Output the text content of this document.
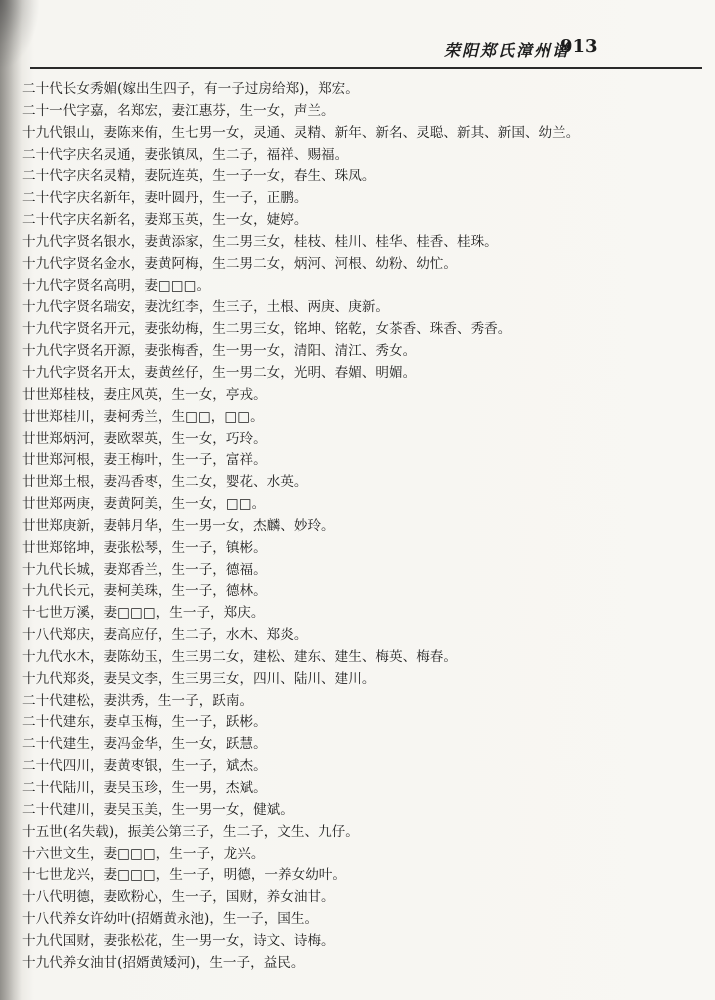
荣阳郑氏漳州谱
913
二十代长女秀媚(嫁出生四子，有一子过房给郑)，郑宏。
二十一代字嘉，名郑宏，妻江惠芬，生一女，声兰。
十九代银山，妻陈来侑，生七男一女，灵通、灵精、新年、新名、灵聪、新其、新国、幼兰。
二十代字庆名灵通，妻张镇凤，生二子，福祥、赐福。
二十代字庆名灵精，妻阮连英，生一子一女，春生、珠凤。
二十代字庆名新年，妻叶圆丹，生一子，正鹏。
二十代字庆名新名，妻郑玉英，生一女，婕婷。
十九代字贤名银水，妻黄添家，生二男三女，桂枝、桂川、桂华、桂香、桂珠。
十九代字贤名金水，妻黄阿梅，生二男二女，炳河、河根、幼粉、幼忙。
十九代字贤名高明，妻□□□。
十九代字贤名瑞安，妻沈红李，生三子，土根、两庚、庚新。
十九代字贤名开元，妻张幼梅，生二男三女，铭坤、铭乾，女茶香、珠香、秀香。
十九代字贤名开源，妻张梅香，生一男一女，清阳、清江、秀女。
十九代字贤名开太，妻黄丝仔，生一男二女，光明、春媚、明媚。
廿世郑桂枝，妻庄风英，生一女，亭戎。
廿世郑桂川，妻柯秀兰，生□□，□□。
廿世郑炳河，妻欧翠英，生一女，巧玲。
廿世郑河根，妻王梅叶，生一子，富祥。
廿世郑土根，妻冯香枣，生二女，婴花、水英。
廿世郑两庚，妻黄阿美，生一女，□□。
廿世郑庚新，妻韩月华，生一男一女，杰麟、妙玲。
廿世郑铭坤，妻张松琴，生一子，镇彬。
十九代长城，妻郑香兰，生一子，德福。
十九代长元，妻柯美珠，生一子，德林。
十七世万溪，妻□□□，生一子，郑庆。
十八代郑庆，妻高应仔，生二子，水木、郑炎。
十九代水木，妻陈幼玉，生三男二女，建松、建东、建生、梅英、梅春。
十九代郑炎，妻吴文李，生三男三女，四川、陆川、建川。
二十代建松，妻洪秀，生一子，跃南。
二十代建东，妻卓玉梅，生一子，跃彬。
二十代建生，妻冯金华，生一女，跃慧。
二十代四川，妻黄枣银，生一子，斌杰。
二十代陆川，妻吴玉珍，生一男，杰斌。
二十代建川，妻吴玉美，生一男一女，健斌。
十五世(名失载)，振美公第三子，生二子，文生、九仔。
十六世文生，妻□□□，生一子，龙兴。
十七世龙兴，妻□□□，生一子，明德，一养女幼叶。
十八代明德，妻欧粉心，生一子，国财，养女油甘。
十八代养女许幼叶(招婿黄永池)，生一子，国生。
十九代国财，妻张松花，生一男一女，诗文、诗梅。
十九代养女油甘(招婿黄矮河)，生一子，益民。
